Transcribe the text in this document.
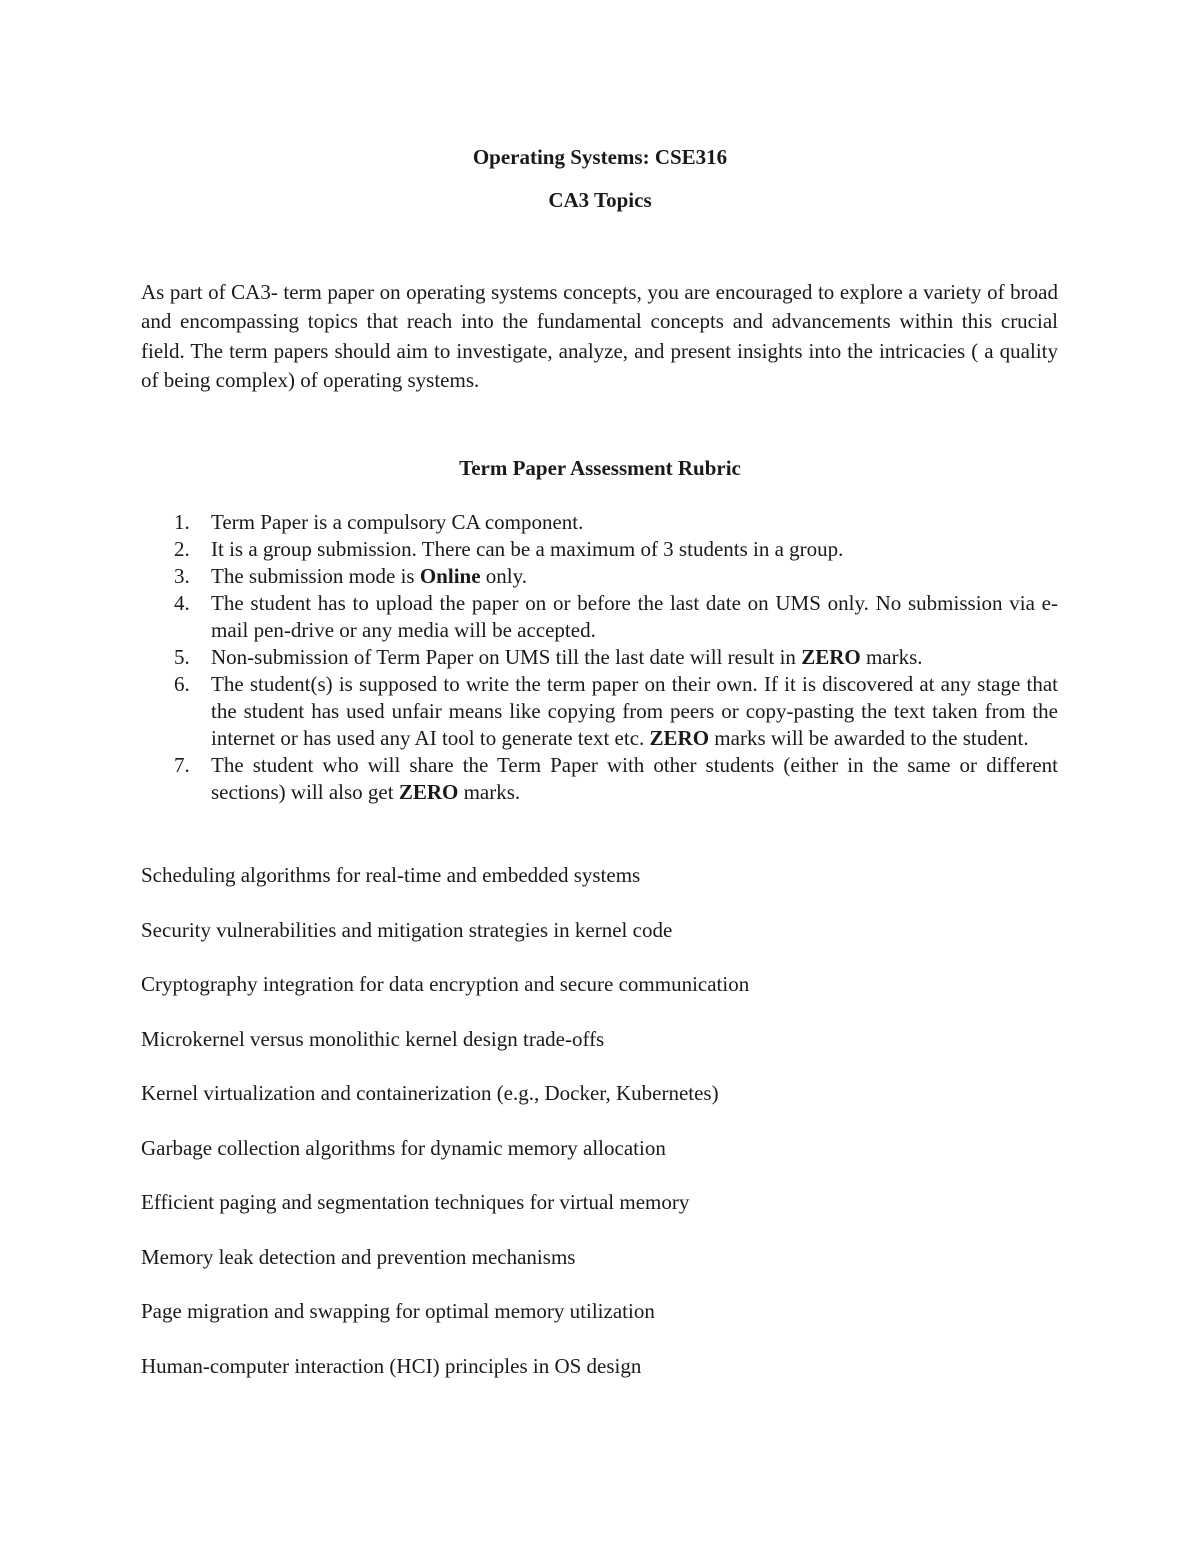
Operating Systems: CSE316
CA3 Topics

As part of CA3- term paper on operating systems concepts, you are encouraged to explore a variety of broad and encompassing topics that reach into the fundamental concepts and advancements within this crucial field. The term papers should aim to investigate, analyze, and present insights into the intricacies ( a quality of being complex) of operating systems.

Term Paper Assessment Rubric
1. Term Paper is a compulsory CA component.
2. It is a group submission. There can be a maximum of 3 students in a group.
3. The submission mode is Online only.
4. The student has to upload the paper on or before the last date on UMS only. No submission via e-mail pen-drive or any media will be accepted.
5. Non-submission of Term Paper on UMS till the last date will result in ZERO marks.
6. The student(s) is supposed to write the term paper on their own. If it is discovered at any stage that the student has used unfair means like copying from peers or copy-pasting the text taken from the internet or has used any AI tool to generate text etc. ZERO marks will be awarded to the student.
7. The student who will share the Term Paper with other students (either in the same or different sections) will also get ZERO marks.
Scheduling algorithms for real-time and embedded systems
Security vulnerabilities and mitigation strategies in kernel code
Cryptography integration for data encryption and secure communication
Microkernel versus monolithic kernel design trade-offs
Kernel virtualization and containerization (e.g., Docker, Kubernetes)
Garbage collection algorithms for dynamic memory allocation
Efficient paging and segmentation techniques for virtual memory
Memory leak detection and prevention mechanisms
Page migration and swapping for optimal memory utilization
Human-computer interaction (HCI) principles in OS design
